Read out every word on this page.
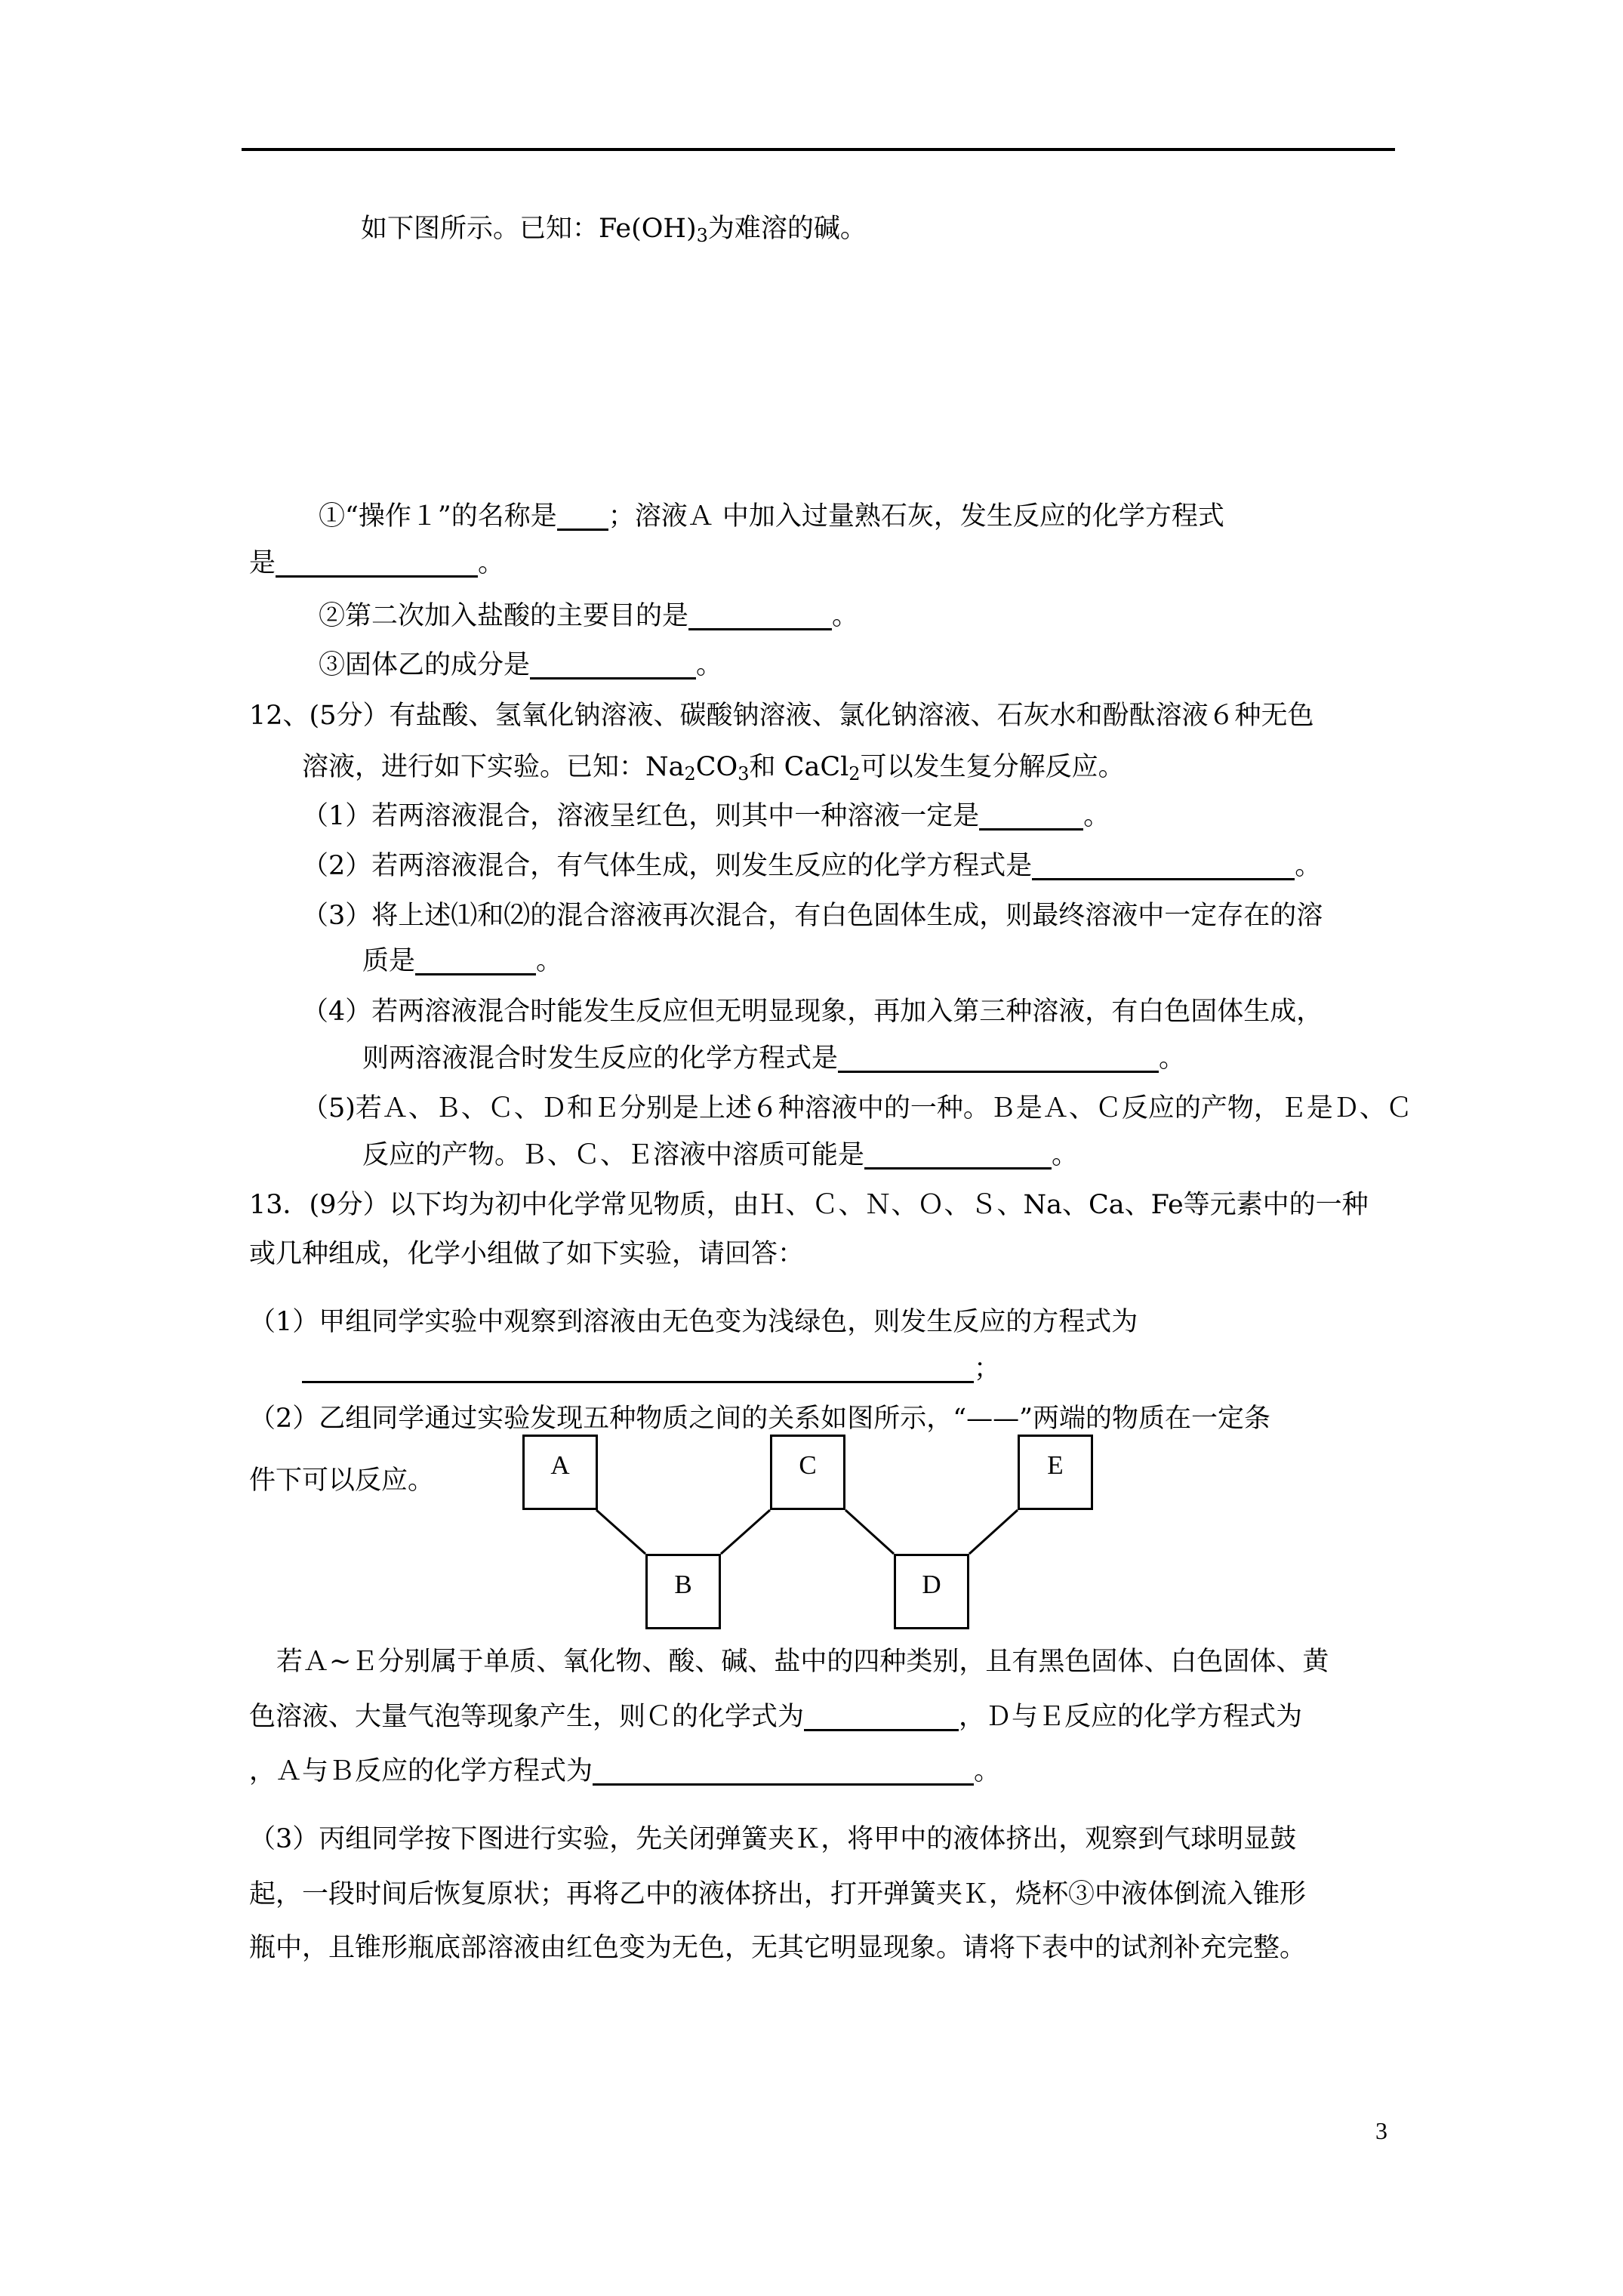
如下图所示。已知：$Fe(OH)_3$为难溶的碱。
①“操作１”的名称是 ；溶液Ａ 中加入过量熟石灰，发生反应的化学方程式
是	。
②第二次加入盐酸的主要目的是	。
③固体乙的成分是	。
12、(5分）有盐酸、氢氧化钠溶液、碳酸钠溶液、氯化钠溶液、石灰水和酚酞溶液６种无色
溶液，进行如下实验。已知：$Na_2CO_3$和 CaCl$_2$可以发生复分解反应。
（1）若两溶液混合，溶液呈红色，则其中一种溶液一定是	。
（2）若两溶液混合，有气体生成，则发生反应的化学方程式是	。
（3）将上述⑴和⑵的混合溶液再次混合，有白色固体生成，则最终溶液中一定存在的溶
质是	。
（4）若两溶液混合时能发生反应但无明显现象，再加入第三种溶液，有白色固体生成，
则两溶液混合时发生反应的化学方程式是	。
（5)若Ａ、Ｂ、Ｃ、Ｄ和Ｅ分别是上述６种溶液中的一种。Ｂ是Ａ、Ｃ反应的产物，Ｅ是Ｄ、Ｃ
反应的产物。Ｂ、Ｃ、Ｅ溶液中溶质可能是	。
13．(9分）以下均为初中化学常见物质，由Ｈ、Ｃ、Ｎ、Ｏ、Ｓ、Na、Ca、Fe等元素中的一种
或几种组成，化学小组做了如下实验，请回答：
（1）甲组同学实验中观察到溶液由无色变为浅绿色，则发生反应的方程式为
；
（2）乙组同学通过实验发现五种物质之间的关系如图所示，“——”两端的物质在一定条
件下可以反应。
A
B
C
D
E
若Ａ~Ｅ分别属于单质、氧化物、酸、碱、盐中的四种类别，且有黑色固体、白色固体、黄
色溶液、大量气泡等现象产生，则Ｃ的化学式为	，Ｄ与Ｅ反应的化学方程式为
，Ａ与Ｂ反应的化学方程式为	。
（3）丙组同学按下图进行实验，先关闭弹簧夹Ｋ，将甲中的液体挤出，观察到气球明显鼓
起，一段时间后恢复原状；再将乙中的液体挤出，打开弹簧夹Ｋ，烧杯③中液体倒流入锥形
瓶中，且锥形瓶底部溶液由红色变为无色，无其它明显现象。请将下表中的试剂补充完整。
3
